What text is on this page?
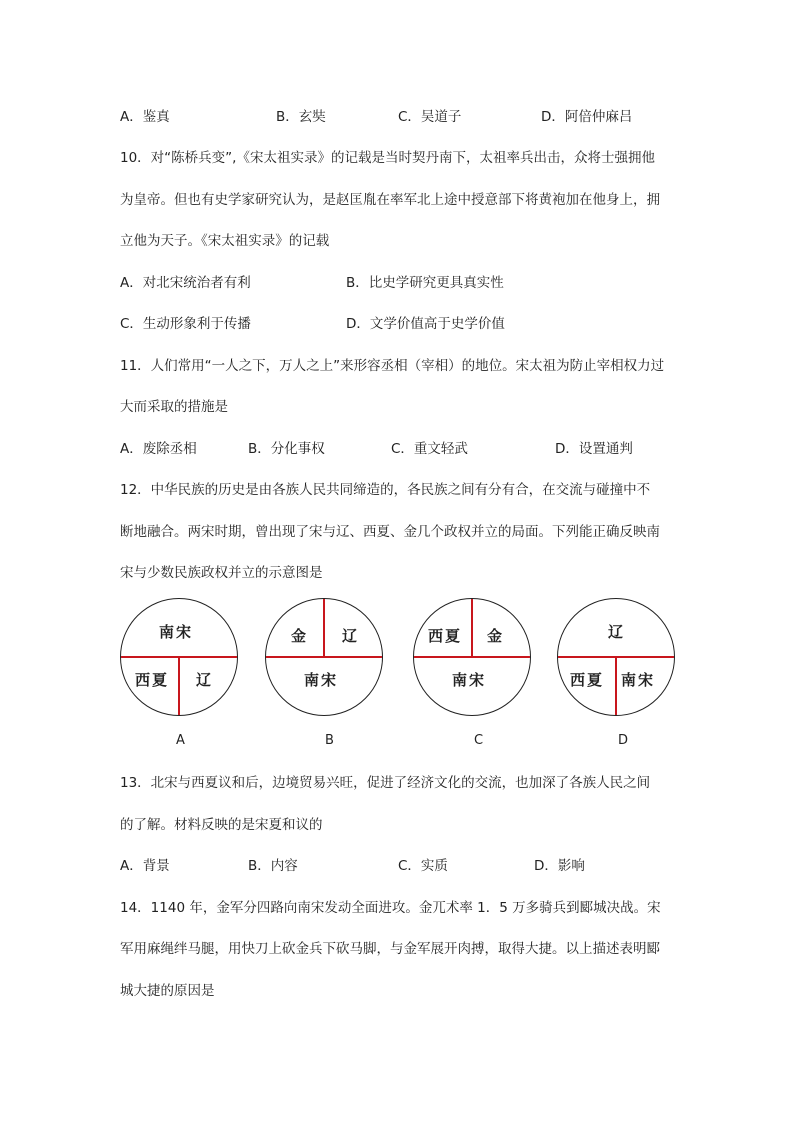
A．鉴真	B．玄奘	C．吴道子	D．阿倍仲麻吕
10．对“陈桥兵变”,《宋太祖实录》的记载是当时契丹南下，太祖率兵出击，众将士强拥他
为皇帝。但也有史学家研究认为，是赵匡胤在率军北上途中授意部下将黄袍加在他身上，拥
立他为天子。《宋太祖实录》的记载
A．对北宋统治者有利	B．比史学研究更具真实性
C．生动形象利于传播	D．文学价值高于史学价值
11．人们常用“一人之下，万人之上”来形容丞相（宰相）的地位。宋太祖为防止宰相权力过
大而采取的措施是
A．废除丞相	B．分化事权	C．重文轻武	D．设置通判
12．中华民族的历史是由各族人民共同缔造的，各民族之间有分有合，在交流与碰撞中不
断地融合。两宋时期，曾出现了宋与辽、西夏、金几个政权并立的局面。下列能正确反映南
宋与少数民族政权并立的示意图是
南宋
西夏 辽
A
金 辽
南宋
B
西夏 金
南宋
C
辽
西夏 南宋
D
13．北宋与西夏议和后，边境贸易兴旺，促进了经济文化的交流，也加深了各族人民之间
的了解。材料反映的是宋夏和议的
A．背景	B．内容	C．实质	D．影响
14．1140 年，金军分四路向南宋发动全面进攻。金兀术率 1．5 万多骑兵到郾城决战。宋
军用麻绳绊马腿，用快刀上砍金兵下砍马脚，与金军展开肉搏，取得大捷。以上描述表明郾
城大捷的原因是
